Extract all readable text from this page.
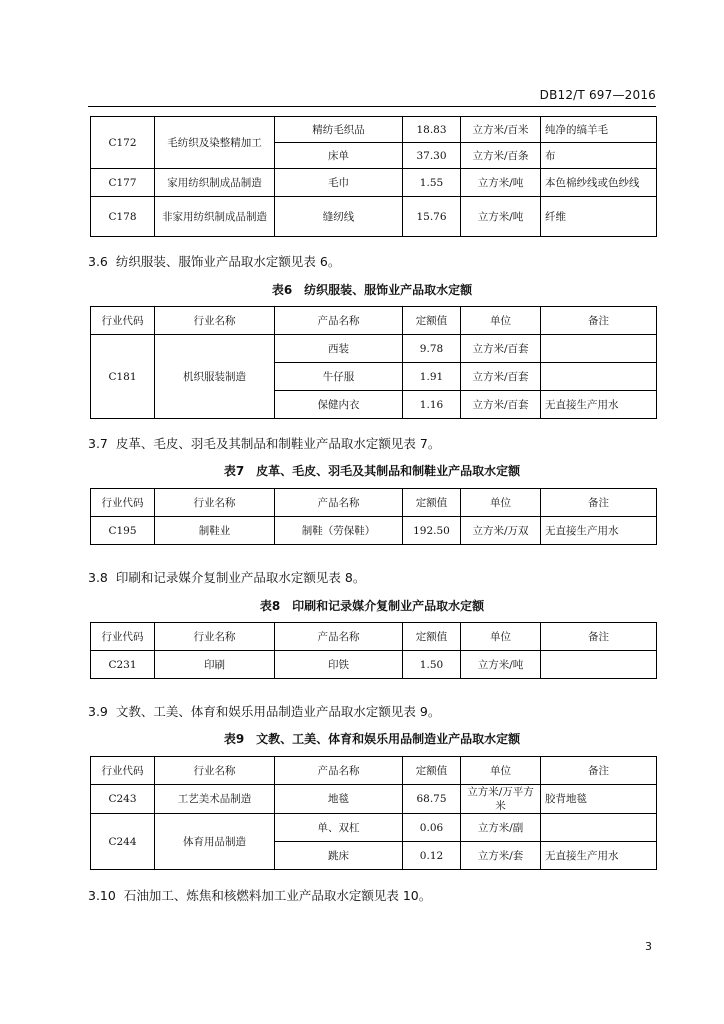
DB12/T 697—2016
C172	毛纺织及染整精加工	精纺毛织品	18.83	立方米/百米	纯净的缟羊毛
		床单	37.30	立方米/百条	布
C177	家用纺织制成品制造	毛巾	1.55	立方米/吨	本色棉纱线或色纱线
C178	非家用纺织制成品制造	缝纫线	15.76	立方米/吨	纤维
3.6 纺织服装、服饰业产品取水定额见表 6。
表6　纺织服装、服饰业产品取水定额
行业代码	行业名称	产品名称	定额值	单位	备注
C181	机织服装制造	西装	9.78	立方米/百套	
		牛仔服	1.91	立方米/百套	
		保健内衣	1.16	立方米/百套	无直接生产用水
3.7 皮革、毛皮、羽毛及其制品和制鞋业产品取水定额见表 7。
表7　皮革、毛皮、羽毛及其制品和制鞋业产品取水定额
行业代码	行业名称	产品名称	定额值	单位	备注
C195	制鞋业	制鞋（劳保鞋）	192.50	立方米/万双	无直接生产用水
3.8 印刷和记录媒介复制业产品取水定额见表 8。
表8　印刷和记录媒介复制业产品取水定额
行业代码	行业名称	产品名称	定额值	单位	备注
C231	印刷	印铁	1.50	立方米/吨	
3.9 文教、工美、体育和娱乐用品制造业产品取水定额见表 9。
表9　文教、工美、体育和娱乐用品制造业产品取水定额
行业代码	行业名称	产品名称	定额值	单位	备注
C243	工艺美术品制造	地毯	68.75	立方米/万平方米	胶背地毯
C244	体育用品制造	单、双杠	0.06	立方米/副	
		跳床	0.12	立方米/套	无直接生产用水
3.10 石油加工、炼焦和核燃料加工业产品取水定额见表 10。
3
